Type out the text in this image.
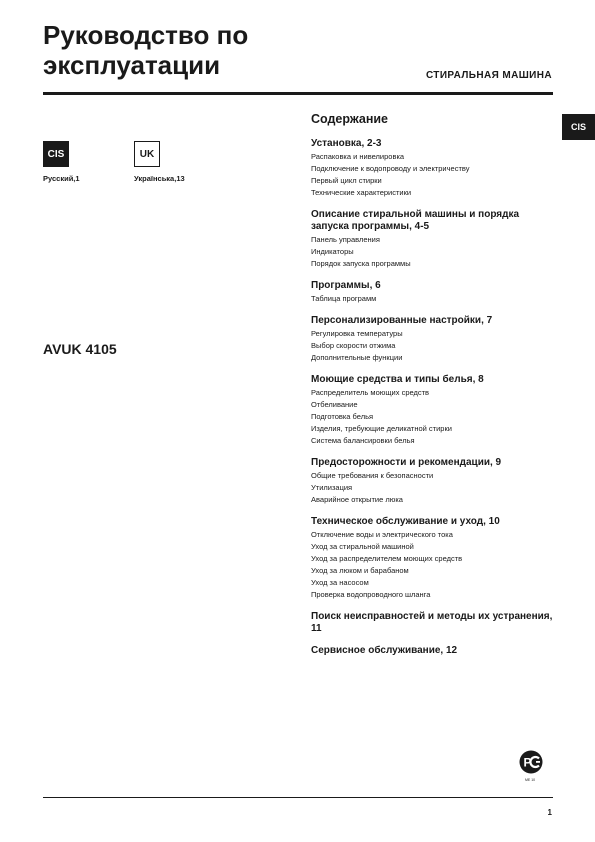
Руководство по
эксплуатации	СТИРАЛЬНАЯ МАШИНА
CIS
CIS
Русский,1
UK
Українська,13
AVUK 4105
Содержание
Установка, 2-3
Распаковка и нивелировка
Подключение к водопроводу и электричеству
Первый цикл стирки
Технические характеристики
Описание стиральной машины и порядка запуска программы, 4-5
Панель управления
Индикаторы
Порядок запуска программы
Программы, 6
Таблица программ
Персонализированные настройки, 7
Регулировка температуры
Выбор скорости отжима
Дополнительные функции
Моющие средства и типы белья, 8
Распределитель моющих средств
Отбеливание
Подготовка белья
Изделия, требующие деликатной стирки
Система балансировки белья
Предосторожности и рекомендации, 9
Общие требования к безопасности
Утилизация
Аварийное открытие люка
Техническое обслуживание и уход, 10
Отключение воды и электрического тока
Уход за стиральной машиной
Уход за распределителем моющих средств
Уход за люком и барабаном
Уход за насосом
Проверка водопроводного шланга
Поиск неисправностей и методы их устранения, 11
Сервисное обслуживание, 12
Р
МЕ 10
1
